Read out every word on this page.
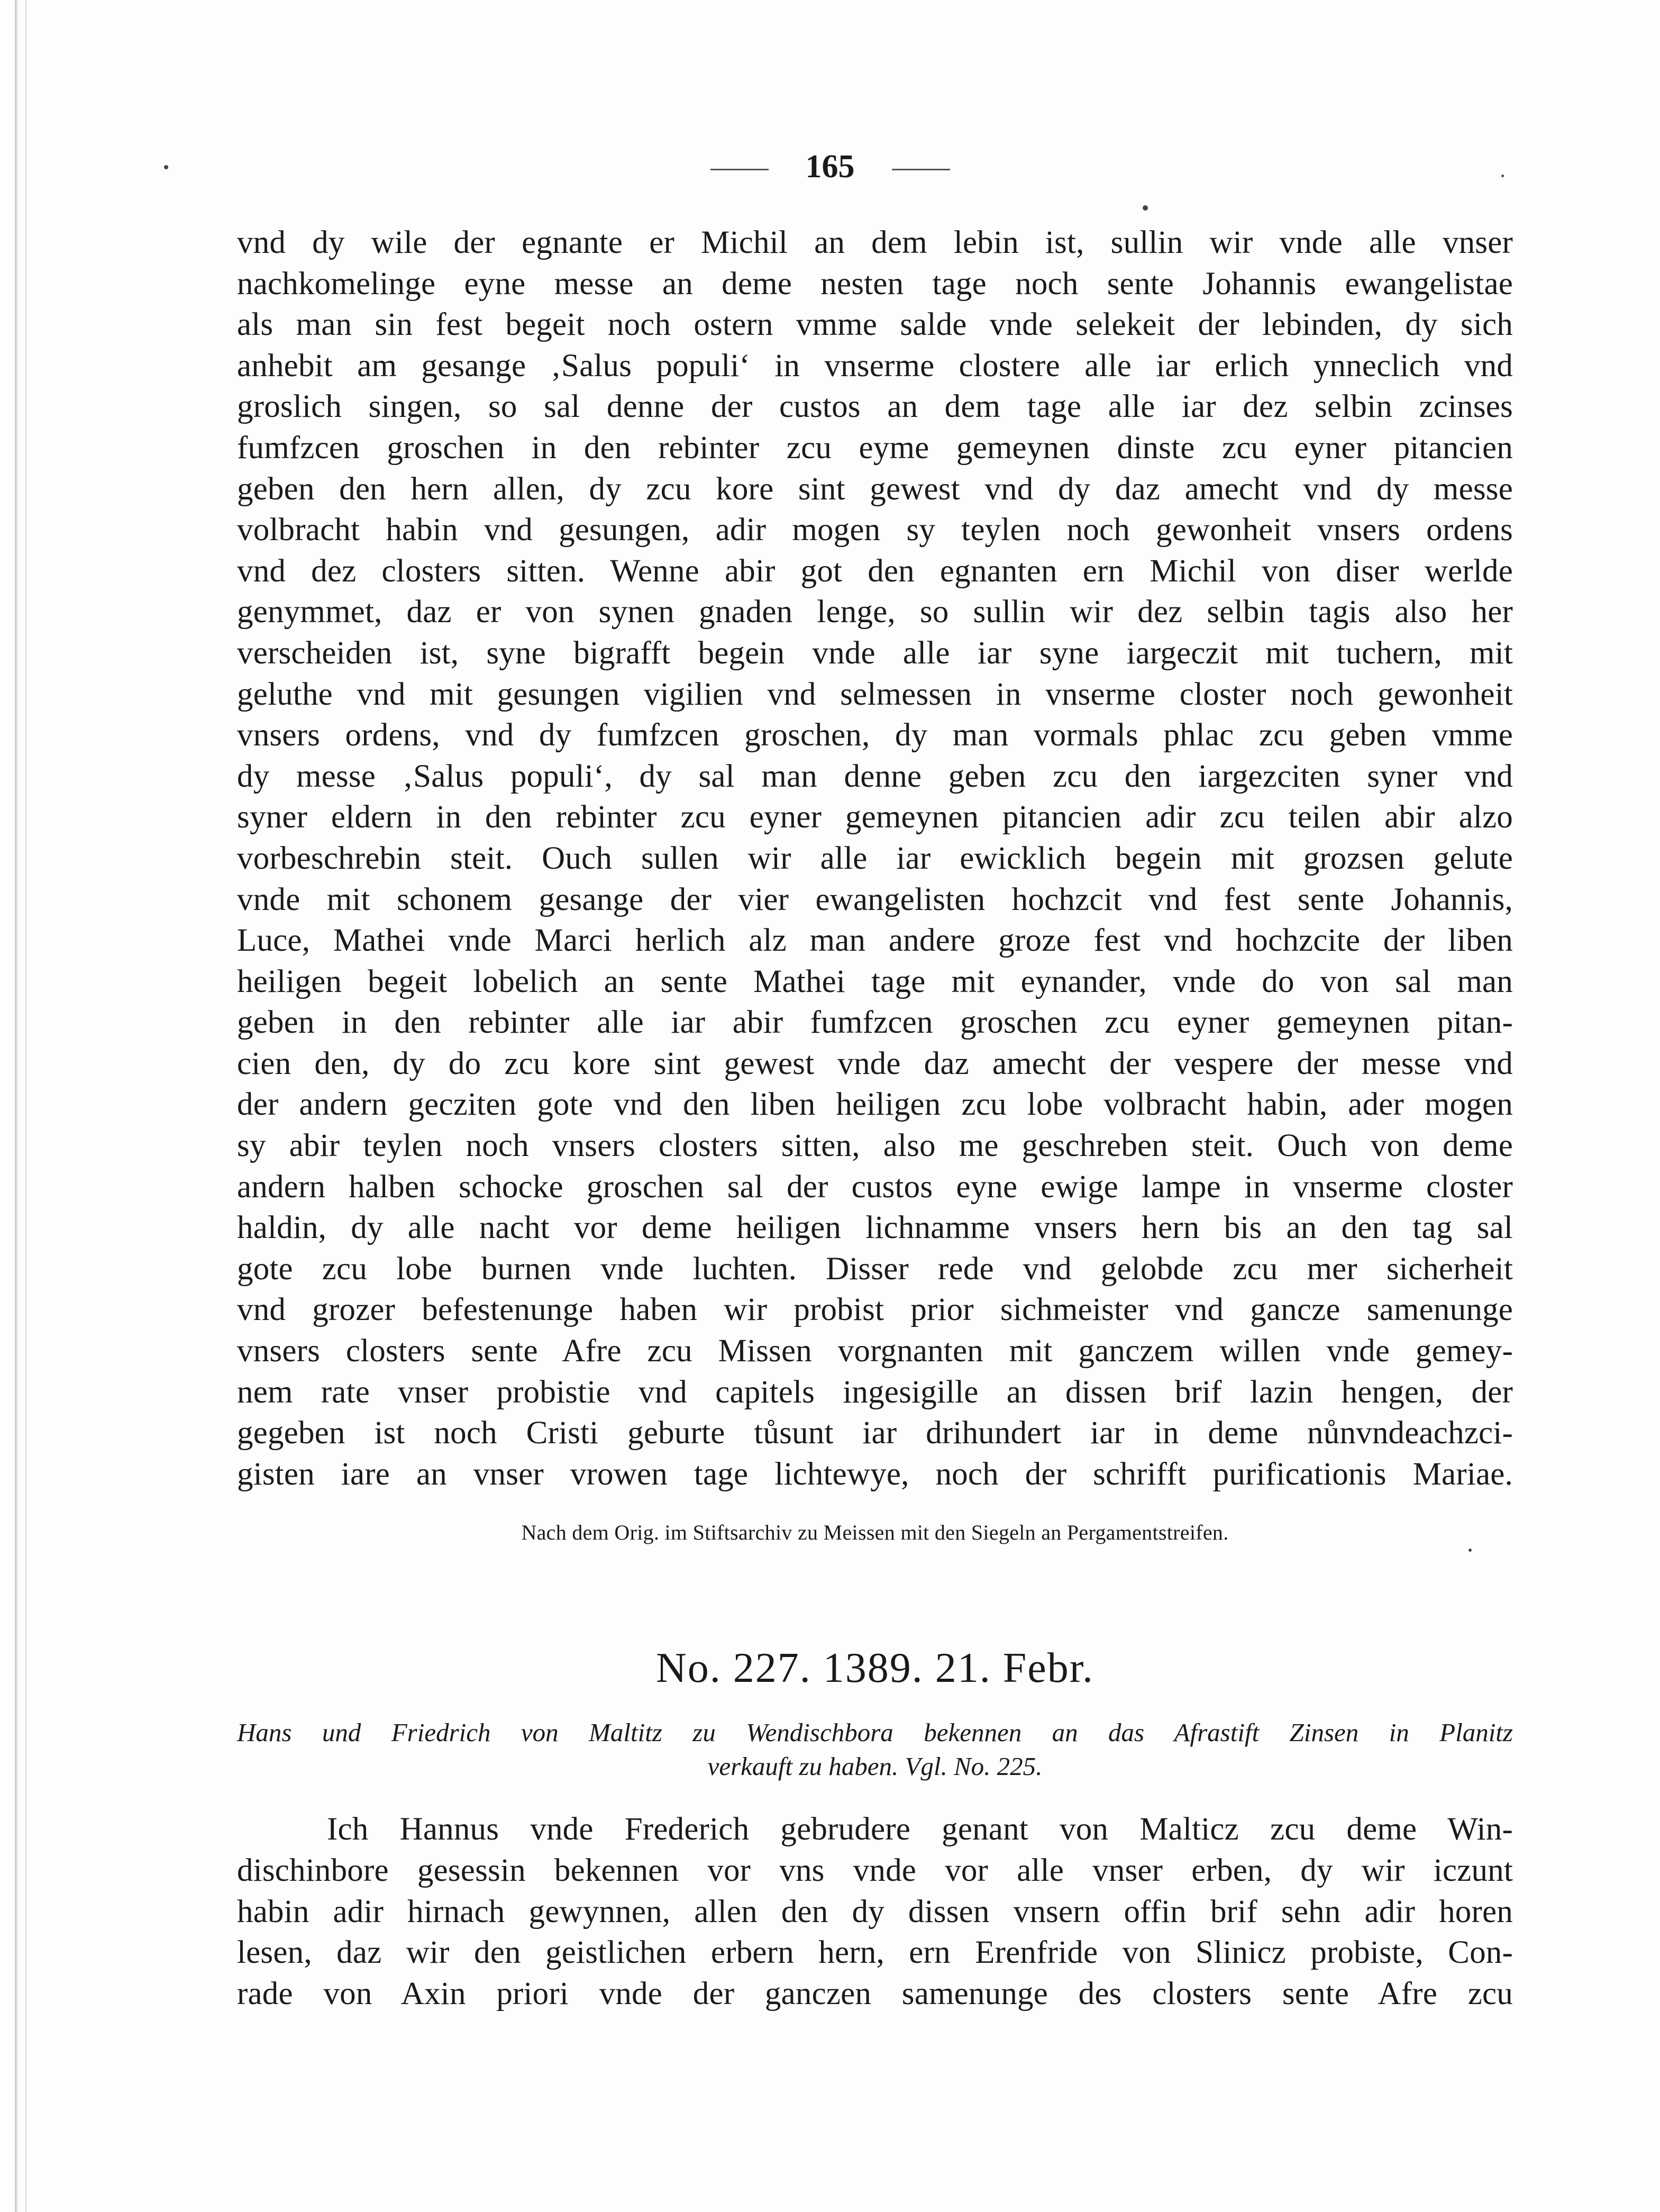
165
vnd dy wile der egnante er Michil an dem lebin ist, sullin wir vnde alle vnser
nachkomelinge eyne messe an deme nesten tage noch sente Johannis ewangelistae
als man sin fest begeit noch ostern vmme salde vnde selekeit der lebinden, dy sich
anhebit am gesange ‚Salus populi‘ in vnserme clostere alle iar erlich ynneclich vnd
groslich singen, so sal denne der custos an dem tage alle iar dez selbin zcinses
fumfzcen groschen in den rebinter zcu eyme gemeynen dinste zcu eyner pitancien
geben den hern allen, dy zcu kore sint gewest vnd dy daz amecht vnd dy messe
volbracht habin vnd gesungen, adir mogen sy teylen noch gewonheit vnsers ordens
vnd dez closters sitten. Wenne abir got den egnanten ern Michil von diser werlde
genymmet, daz er von synen gnaden lenge, so sullin wir dez selbin tagis also her
verscheiden ist, syne bigrafft begein vnde alle iar syne iargeczit mit tuchern, mit
geluthe vnd mit gesungen vigilien vnd selmessen in vnserme closter noch gewonheit
vnsers ordens, vnd dy fumfzcen groschen, dy man vormals phlac zcu geben vmme
dy messe ‚Salus populi‘, dy sal man denne geben zcu den iargezciten syner vnd
syner eldern in den rebinter zcu eyner gemeynen pitancien adir zcu teilen abir alzo
vorbeschrebin steit. Ouch sullen wir alle iar ewicklich begein mit grozsen gelute
vnde mit schonem gesange der vier ewangelisten hochzcit vnd fest sente Johannis,
Luce, Mathei vnde Marci herlich alz man andere groze fest vnd hochzcite der liben
heiligen begeit lobelich an sente Mathei tage mit eynander, vnde do von sal man
geben in den rebinter alle iar abir fumfzcen groschen zcu eyner gemeynen pitan-
cien den, dy do zcu kore sint gewest vnde daz amecht der vespere der messe vnd
der andern gecziten gote vnd den liben heiligen zcu lobe volbracht habin, ader mogen
sy abir teylen noch vnsers closters sitten, also me geschreben steit. Ouch von deme
andern halben schocke groschen sal der custos eyne ewige lampe in vnserme closter
haldin, dy alle nacht vor deme heiligen lichnamme vnsers hern bis an den tag sal
gote zcu lobe burnen vnde luchten. Disser rede vnd gelobde zcu mer sicherheit
vnd grozer befestenunge haben wir probist prior sichmeister vnd gancze samenunge
vnsers closters sente Afre zcu Missen vorgnanten mit ganczem willen vnde gemey-
nem rate vnser probistie vnd capitels ingesigille an dissen brif lazin hengen, der
gegeben ist noch Cristi geburte tůsunt iar drihundert iar in deme nůnvndeachzci-
gisten iare an vnser vrowen tage lichtewye, noch der schrifft purificationis Mariae.
Nach dem Orig. im Stiftsarchiv zu Meissen mit den Siegeln an Pergamentstreifen.
No. 227. 1389. 21. Febr.
Hans und Friedrich von Maltitz zu Wendischbora bekennen an das Afrastift Zinsen in Planitz
verkauft zu haben. Vgl. No. 225.
Ich Hannus vnde Frederich gebrudere genant von Malticz zcu deme Win-
dischinbore gesessin bekennen vor vns vnde vor alle vnser erben, dy wir iczunt
habin adir hirnach gewynnen, allen den dy dissen vnsern offin brif sehn adir horen
lesen, daz wir den geistlichen erbern hern, ern Erenfride von Slinicz probiste, Con-
rade von Axin priori vnde der ganczen samenunge des closters sente Afre zcu
